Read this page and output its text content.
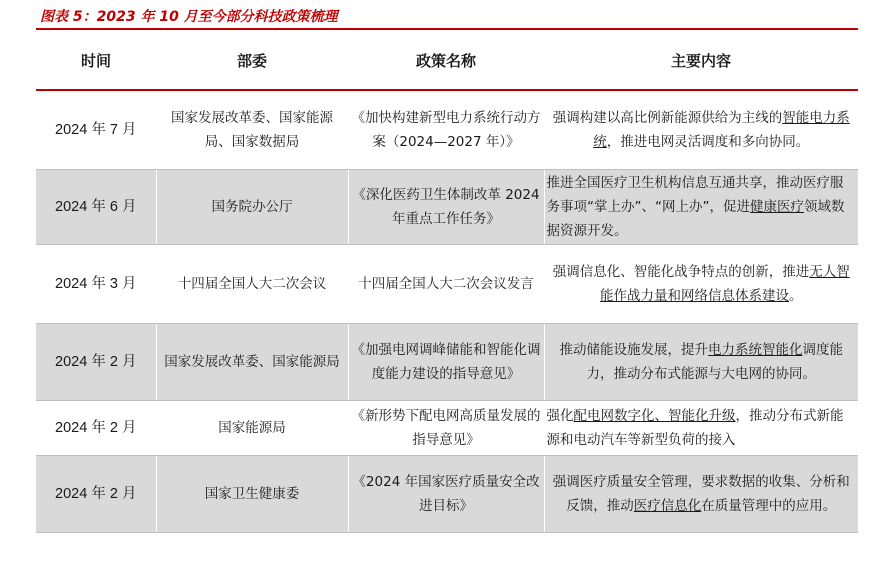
图表 5：2023 年 10 月至今部分科技政策梳理
时间	部委	政策名称	主要内容
2024 年 7 月	国家发展改革委、国家能源局、国家数据局	《加快构建新型电力系统行动方案（2024—2027 年）》	强调构建以高比例新能源供给为主线的智能电力系统，推进电网灵活调度和多向协同。
2024 年 6 月	国务院办公厅	《深化医药卫生体制改革 2024 年重点工作任务》	推进全国医疗卫生机构信息互通共享，推动医疗服务事项“掌上办”、“网上办”，促进健康医疗领域数据资源开发。
2024 年 3 月	十四届全国人大二次会议	十四届全国人大二次会议发言	强调信息化、智能化战争特点的创新，推进无人智能作战力量和网络信息体系建设。
2024 年 2 月	国家发展改革委、国家能源局	《加强电网调峰储能和智能化调度能力建设的指导意见》	推动储能设施发展，提升电力系统智能化调度能力，推动分布式能源与大电网的协同。
2024 年 2 月	国家能源局	《新形势下配电网高质量发展的指导意见》	强化配电网数字化、智能化升级，推动分布式新能源和电动汽车等新型负荷的接入
2024 年 2 月	国家卫生健康委	《2024 年国家医疗质量安全改进目标》	强调医疗质量安全管理，要求数据的收集、分析和反馈，推动医疗信息化在质量管理中的应用。
